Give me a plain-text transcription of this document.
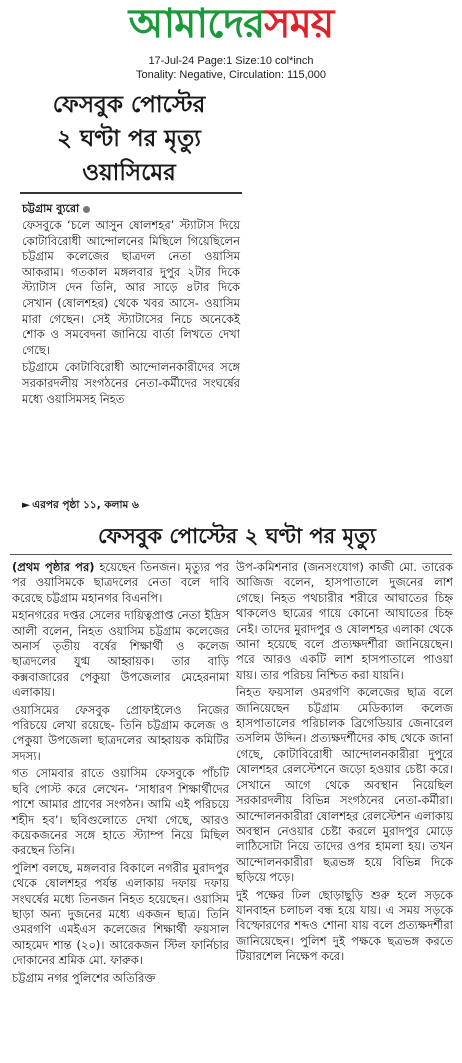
আমাদেরসময়
17-Jul-24 Page:1 Size:10 col*inch
Tonality: Negative, Circulation: 115,000
ফেসবুক পোস্টের
২ ঘণ্টা পর মৃত্যু
ওয়াসিমের
চট্টগ্রাম ব্যুরো

ফেসবুকে ‘চলে আসুন ষোলশহর’ স্ট্যাটাস দিয়ে কোটাবিরোধী আন্দোলনের মিছিলে গিয়েছিলেন চট্টগ্রাম কলেজের ছাত্রদল নেতা ওয়াসিম আকরাম। গতকাল মঙ্গলবার দুপুর ২টার দিকে স্ট্যাটাস দেন তিনি, আর সাড়ে ৪টার দিকে সেখান (ষোলশহর) থেকে খবর আসে- ওয়াসিম মারা গেছেন। সেই স্ট্যাটাসের নিচে অনেকেই শোক ও সমবেদনা জানিয়ে বার্তা লিখতে দেখা গেছে।

চট্টগ্রামে কোটাবিরোধী আন্দোলনকারীদের সঙ্গে সরকারদলীয় সংগঠনের নেতা-কর্মীদের সংঘর্ষের মধ্যে ওয়াসিমসহ নিহত

► এরপর পৃষ্ঠা ১১, কলাম ৬
ফেসবুক পোস্টের ২ ঘণ্টা পর মৃত্যু

(প্রথম পৃষ্ঠার পর) হয়েছেন তিনজন। মৃত্যুর পর পর ওয়াসিমকে ছাত্রদলের নেতা বলে দাবি করেছে চট্টগ্রাম মহানগর বিএনপি।

মহানগরের দপ্তর সেলের দায়িত্বপ্রাপ্ত নেতা ইদ্রিস আলী বলেন, নিহত ওয়াসিম চট্টগ্রাম কলেজের অনার্স তৃতীয় বর্ষের শিক্ষার্থী ও কলেজ ছাত্রদলের যুগ্ম আহ্বায়ক। তার বাড়ি কক্সবাজারের পেকুয়া উপজেলার মেহেরনামা এলাকায়।

ওয়াসিমের ফেসবুক প্রোফাইলেও নিজের পরিচয়ে লেখা রয়েছে- তিনি চট্টগ্রাম কলেজ ও পেকুয়া উপজেলা ছাত্রদলের আহ্বায়ক কমিটির সদস্য।

গত সোমবার রাতে ওয়াসিম ফেসবুকে পাঁচটি ছবি পোস্ট করে লেখেন- ‘সাধারণ শিক্ষার্থীদের পাশে আমার প্রাণের সংগঠন। আমি এই পরিচয়ে শহীদ হব’। ছবিগুলোতে দেখা গেছে, আরও কয়েকজনের সঙ্গে হাতে স্ট্যাম্প নিয়ে মিছিল করছেন তিনি।

পুলিশ বলছে, মঙ্গলবার বিকালে নগরীর মুরাদপুর থেকে ষোলশহর পর্যন্ত এলাকায় দফায় দফায় সংঘর্ষের মধ্যে তিনজন নিহত হয়েছেন। ওয়াসিম ছাড়া অন্য দুজনের মধ্যে একজন ছাত্র। তিনি ওমরগণি এমইএস কলেজের শিক্ষার্থী ফয়সাল আহমেদ শান্ত (২০)। আরেকজন স্টিল ফার্নিচার দোকানের শ্রমিক মো. ফারুক।

চট্টগ্রাম নগর পুলিশের অতিরিক্ত

উপ-কমিশনার (জনসংযোগ) কাজী মো. তারেক আজিজ বলেন, হাসপাতালে দুজনের লাশ গেছে। নিহত পথচারীর শরীরে আঘাতের চিহ্ন থাকলেও ছাত্রের গায়ে কোনো আঘাতের চিহ্ন নেই। তাদের মুরাদপুর ও ষোলশহর এলাকা থেকে আনা হয়েছে বলে প্রত্যক্ষদর্শীরা জানিয়েছেন। পরে আরও একটি লাশ হাসপাতালে পাওয়া যায়। তার পরিচয় নিশ্চিত করা যায়নি।

নিহত ফয়সাল ওমরগণি কলেজের ছাত্র বলে জানিয়েছেন চট্টগ্রাম মেডিক্যাল কলেজ হাসপাতালের পরিচালক ব্রিগেডিয়ার জেনারেল তসলিম উদ্দিন। প্রত্যক্ষদর্শীদের কাছ থেকে জানা গেছে, কোটাবিরোধী আন্দোলনকারীরা দুপুরে ষোলশহর রেলস্টেশনে জড়ো হওয়ার চেষ্টা করে। সেখানে আগে থেকে অবস্থান নিয়েছিল সরকারদলীয় বিভিন্ন সংগঠনের নেতা-কর্মীরা। আন্দোলনকারীরা ষোলশহর রেলস্টেশন এলাকায় অবস্থান নেওয়ার চেষ্টা করলে মুরাদপুর মোড়ে লাঠিসোটা নিয়ে তাদের ওপর হামলা হয়। তখন আন্দোলনকারীরা ছত্রভঙ্গ হয়ে বিভিন্ন দিকে ছড়িয়ে পড়ে।

দুই পক্ষের ঢিল ছোড়াছুড়ি শুরু হলে সড়কে যানবাহন চলাচল বন্ধ হয়ে যায়। এ সময় সড়কে বিস্ফোরণের শব্দও শোনা যায় বলে প্রত্যক্ষদর্শীরা জানিয়েছেন। পুলিশ দুই পক্ষকে ছত্রভঙ্গ করতে টিয়ারশেল নিক্ষেপ করে।
